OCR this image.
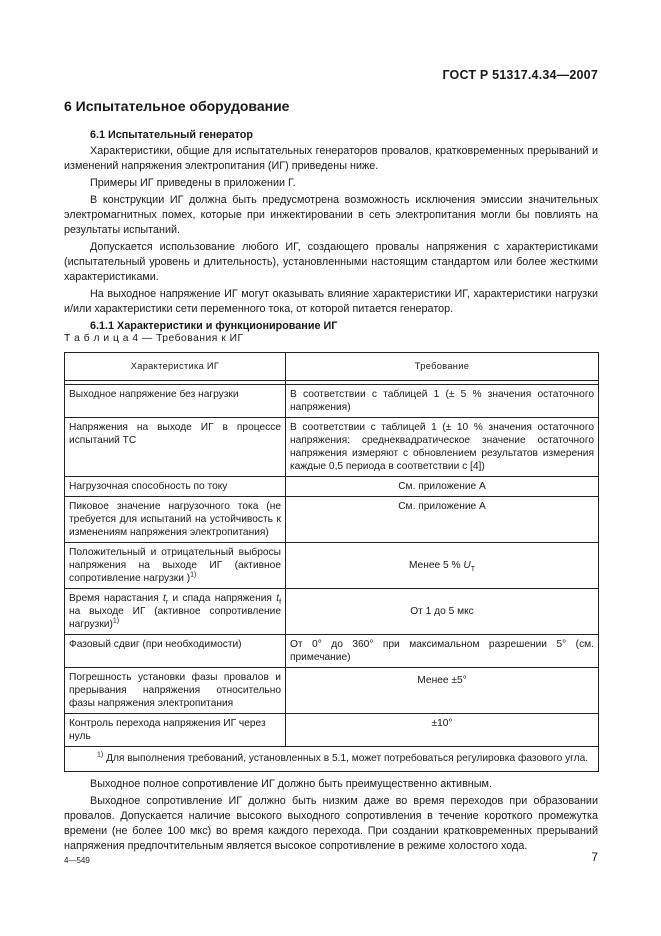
ГОСТ Р 51317.4.34—2007
6 Испытательное оборудование

6.1 Испытательный генератор

Характеристики, общие для испытательных генераторов провалов, кратковременных прерываний и изменений напряжения электропитания (ИГ) приведены ниже.

Примеры ИГ приведены в приложении Г.

В конструкции ИГ должна быть предусмотрена возможность исключения эмиссии значительных электромагнитных помех, которые при инжектировании в сеть электропитания могли бы повлиять на результаты испытаний.

Допускается использование любого ИГ, создающего провалы напряжения с характеристиками (испытательный уровень и длительность), установленными настоящим стандартом или более жесткими характеристиками.

На выходное напряжение ИГ могут оказывать влияние характеристики ИГ, характеристики нагрузки и/или характеристики сети переменного тока, от которой питается генератор.

6.1.1 Характеристики и функционирование ИГ

Т а б л и ц а 4 — Требования к ИГ
Характеристика ИГ	Требование

Выходное напряжение без нагрузки	В соответствии с таблицей 1 (± 5 % значения остаточного напряжения)
Напряжения на выходе ИГ в процессе испытаний ТС	В соответствии с таблицей 1 (± 10 % значения остаточного напряжения: среднеквадратическое значение остаточного напряжения измеряют с обновлением результатов измерения каждые 0,5 периода в соответствии с [4])
Нагрузочная способность по току	См. приложение А
Пиковое значение нагрузочного тока (не требуется для испытаний на устойчивость к изменениям напряжения электропитания)	См. приложение А
Положительный и отрицательный выбросы напряжения на выходе ИГ (активное сопротивление нагрузки )$^{1)}$	Менее 5 % $U_T$
Время нарастания $t_r$ и спада напряжения $t_f$ на выходе ИГ (активное сопротивление нагрузки)$^{1)}$	От 1 до 5 мкс
Фазовый сдвиг (при необходимости)	От 0° до 360° при максимальном разрешении 5° (см. примечание)
Погрешность установки фазы провалов и прерывания напряжения относительно фазы напряжения электропитания	Менее ±5°
Контроль перехода напряжения ИГ через нуль	±10°
$^{1)}$ Для выполнения требований, установленных в 5.1, может потребоваться регулировка фазового угла.	

Выходное полное сопротивление ИГ должно быть преимущественно активным.

Выходное сопротивление ИГ должно быть низким даже во время переходов при образовании провалов. Допускается наличие высокого выходного сопротивления в течение короткого промежутка времени (не более 100 мкс) во время каждого перехода. При создании кратковременных прерываний напряжения предпочтительным является высокое сопротивление в режиме холостого хода.

4—549	7
